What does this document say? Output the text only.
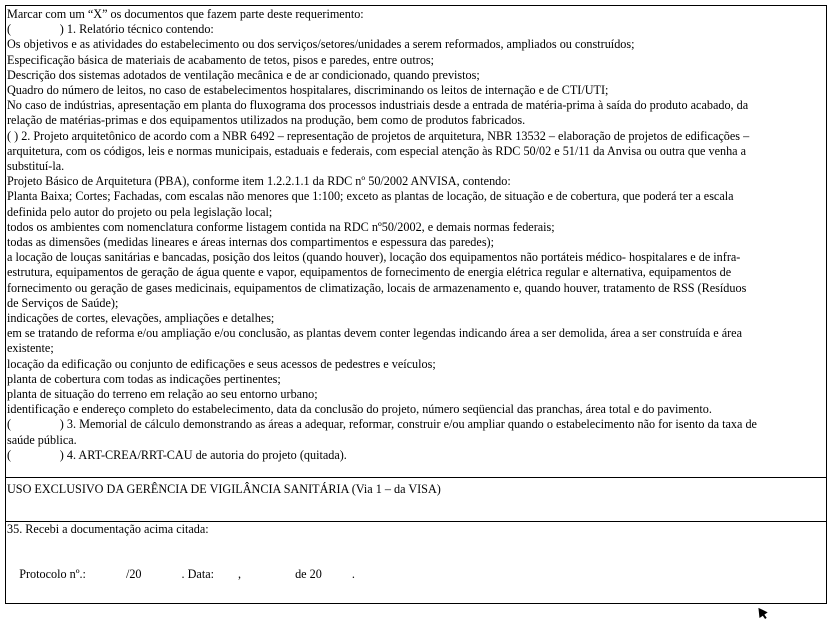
Marcar com um “X” os documentos que fazem parte deste requerimento:
(                ) 1. Relatório técnico contendo:
Os objetivos e as atividades do estabelecimento ou dos serviços/setores/unidades a serem reformados, ampliados ou construídos;
Especificação básica de materiais de acabamento de tetos, pisos e paredes, entre outros;
Descrição dos sistemas adotados de ventilação mecânica e de ar condicionado, quando previstos;
Quadro do número de leitos, no caso de estabelecimentos hospitalares, discriminando os leitos de internação e de CTI/UTI;
No caso de indústrias, apresentação em planta do fluxograma dos processos industriais desde a entrada de matéria-prima à saída do produto acabado, da
relação de matérias-primas e dos equipamentos utilizados na produção, bem como de produtos fabricados.
( ) 2. Projeto arquitetônico de acordo com a NBR 6492 – representação de projetos de arquitetura, NBR 13532 – elaboração de projetos de edificações –
arquitetura, com os códigos, leis e normas municipais, estaduais e federais, com especial atenção às RDC 50/02 e 51/11 da Anvisa ou outra que venha a
substituí-la.
Projeto Básico de Arquitetura (PBA), conforme item 1.2.2.1.1 da RDC nº 50/2002 ANVISA, contendo:
Planta Baixa; Cortes; Fachadas, com escalas não menores que 1:100; exceto as plantas de locação, de situação e de cobertura, que poderá ter a escala
definida pelo autor do projeto ou pela legislação local;
todos os ambientes com nomenclatura conforme listagem contida na RDC nº50/2002, e demais normas federais;
todas as dimensões (medidas lineares e áreas internas dos compartimentos e espessura das paredes);
a locação de louças sanitárias e bancadas, posição dos leitos (quando houver), locação dos equipamentos não portáteis médico- hospitalares e de infra-
estrutura, equipamentos de geração de água quente e vapor, equipamentos de fornecimento de energia elétrica regular e alternativa, equipamentos de
fornecimento ou geração de gases medicinais, equipamentos de climatização, locais de armazenamento e, quando houver, tratamento de RSS (Resíduos
de Serviços de Saúde);
indicações de cortes, elevações, ampliações e detalhes;
em se tratando de reforma e/ou ampliação e/ou conclusão, as plantas devem conter legendas indicando área a ser demolida, área a ser construída e área
existente;
locação da edificação ou conjunto de edificações e seus acessos de pedestres e veículos;
planta de cobertura com todas as indicações pertinentes;
planta de situação do terreno em relação ao seu entorno urbano;
identificação e endereço completo do estabelecimento, data da conclusão do projeto, número seqüencial das pranchas, área total e do pavimento.
(                ) 3. Memorial de cálculo demonstrando as áreas a adequar, reformar, construir e/ou ampliar quando o estabelecimento não for isento da taxa de
saúde pública.
(                ) 4. ART-CREA/RRT-CAU de autoria do projeto (quitada).
USO EXCLUSIVO DA GERÊNCIA DE VIGILÂNCIA SANITÁRIA (Via 1 – da VISA)
35. Recebi a documentação acima citada:

Protocolo nº.:	/20	. Data: ,	de 20 .
